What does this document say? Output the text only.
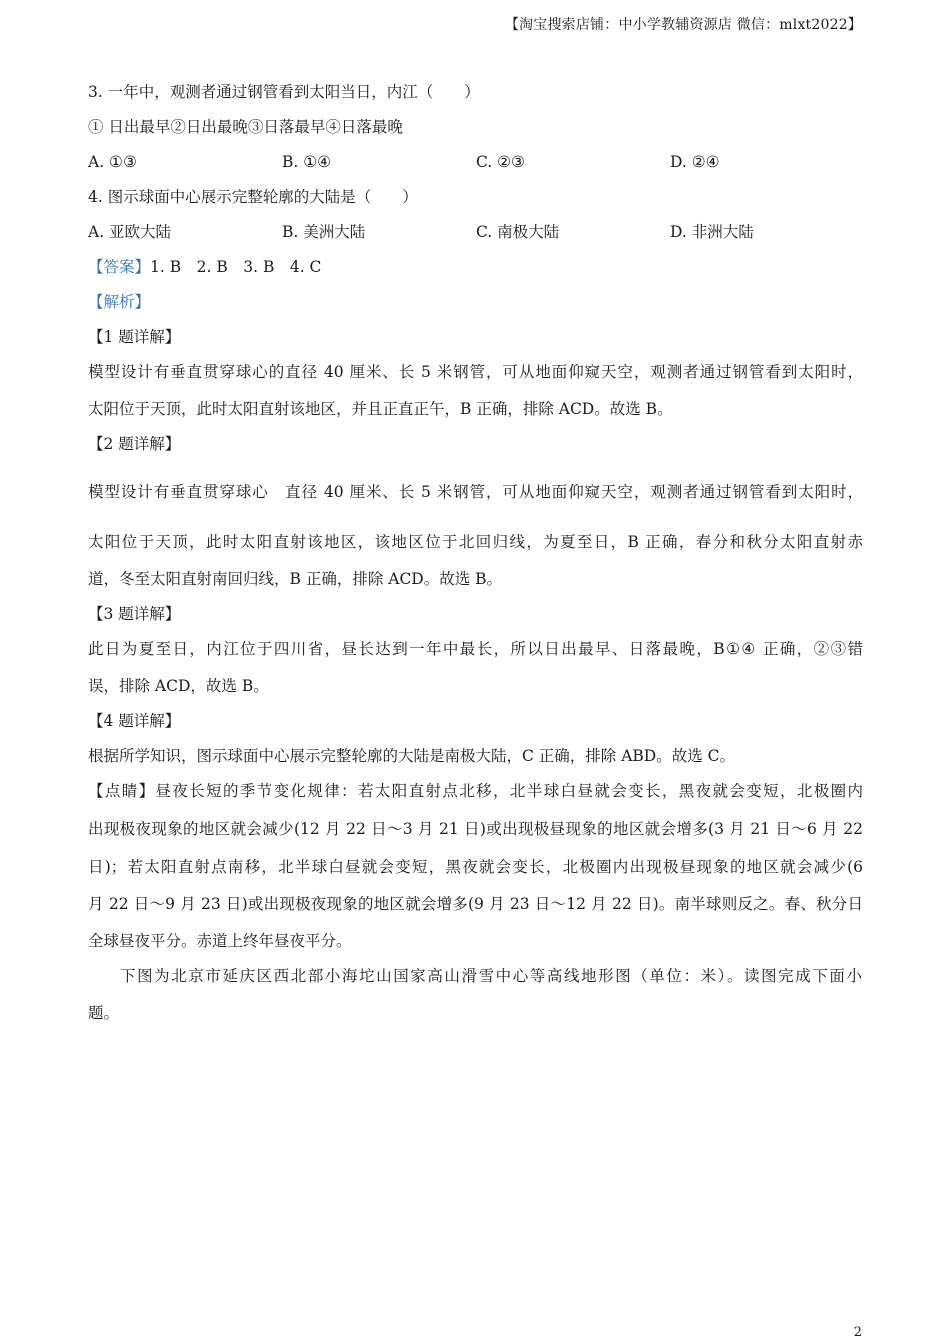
【淘宝搜索店铺：中小学教辅资源店 微信：mlxt2022】
3. 一年中，观测者通过钢管看到太阳当日，内江（　　）
① 日出最早②日出最晚③日落最早④日落最晚
A. ①③	B. ①④	C. ②③	D. ②④
4. 图示球面中心展示完整轮廓的大陆是（　　）
A. 亚欧大陆	B. 美洲大陆	C. 南极大陆	D. 非洲大陆
【答案】1. B　2. B　3. B　4. C
【解析】
【1 题详解】
模型设计有垂直贯穿球心的直径 40 厘米、长 5 米钢管，可从地面仰窥天空，观测者通过钢管看到太阳时，
太阳位于天顶，此时太阳直射该地区，并且正直正午，B 正确，排除 ACD。故选 B。
【2 题详解】
模型设计有垂直贯穿球心　直径 40 厘米、长 5 米钢管，可从地面仰窥天空，观测者通过钢管看到太阳时，
太阳位于天顶，此时太阳直射该地区，该地区位于北回归线，为夏至日，B 正确，春分和秋分太阳直射赤
道，冬至太阳直射南回归线，B 正确，排除 ACD。故选 B。
【3 题详解】
此日为夏至日，内江位于四川省，昼长达到一年中最长，所以日出最早、日落最晚，B①④ 正确，②③错
误，排除 ACD，故选 B。
【4 题详解】
根据所学知识，图示球面中心展示完整轮廓的大陆是南极大陆，C 正确，排除 ABD。故选 C。
【点睛】昼夜长短的季节变化规律：若太阳直射点北移，北半球白昼就会变长，黑夜就会变短，北极圈内
出现极夜现象的地区就会减少(12 月 22 日～3 月 21 日)或出现极昼现象的地区就会增多(3 月 21 日～6 月 22
日)；若太阳直射点南移，北半球白昼就会变短，黑夜就会变长，北极圈内出现极昼现象的地区就会减少(6
月 22 日～9 月 23 日)或出现极夜现象的地区就会增多(9 月 23 日～12 月 22 日)。南半球则反之。春、秋分日
全球昼夜平分。赤道上终年昼夜平分。
下图为北京市延庆区西北部小海坨山国家高山滑雪中心等高线地形图（单位：米）。读图完成下面小
题。
2
